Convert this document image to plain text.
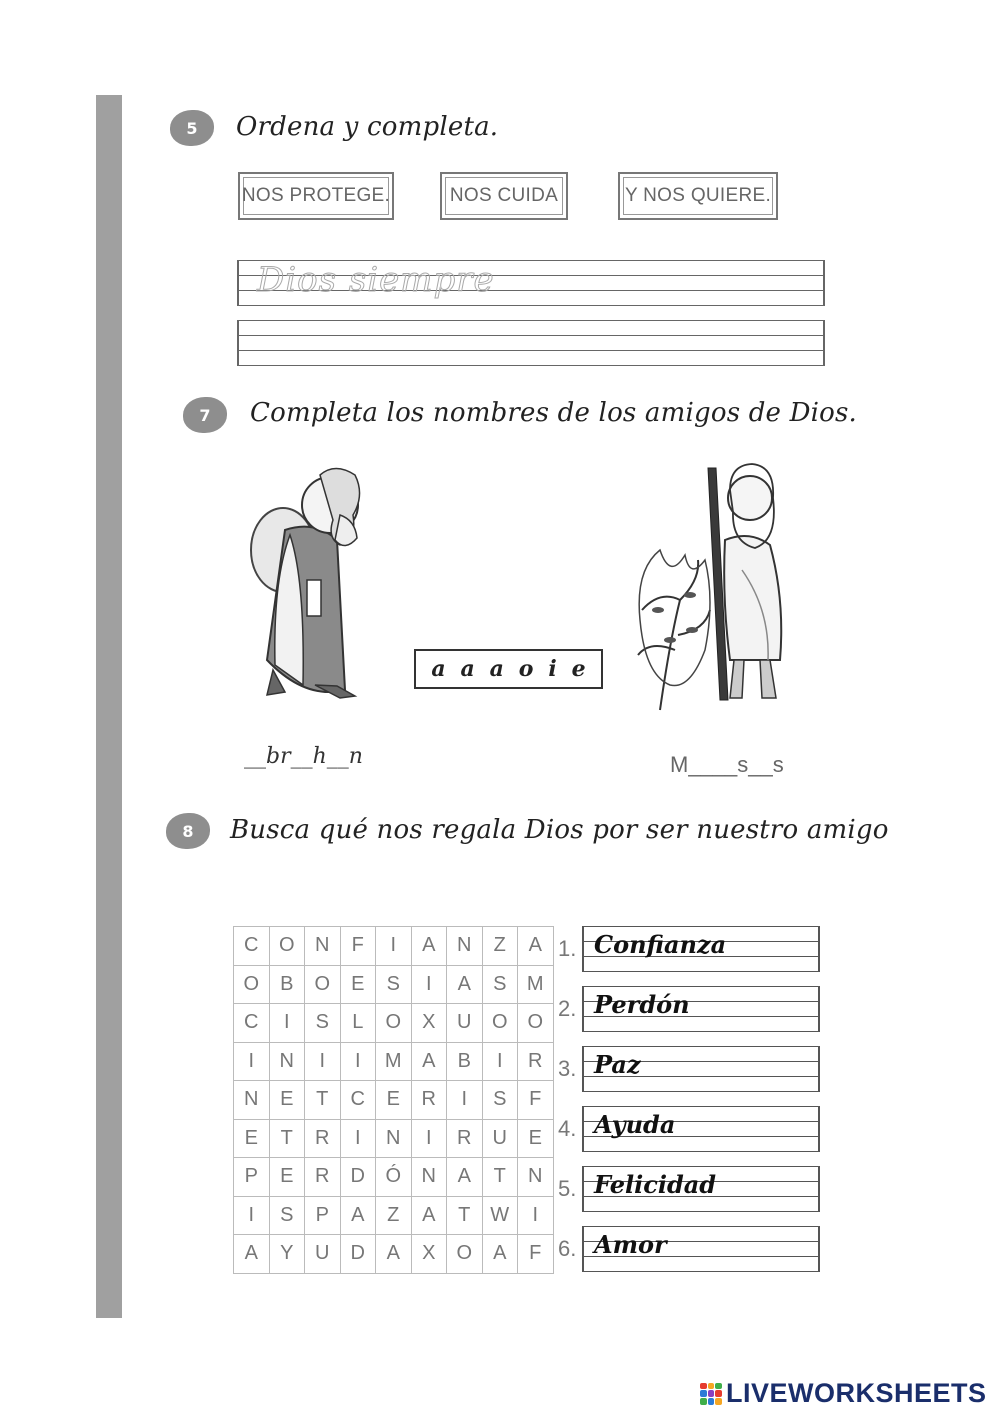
5	Ordena y completa.
NOS PROTEGE.	NOS CUIDA	Y NOS QUIERE.
Dios siempre
7	Completa los nombres de los amigos de Dios.
a a a o i e
__br__h__n	M____s__s
8	Busca qué nos regala Dios por ser nuestro amigo
C	O	N	F	I	A	N	Z	A
O	B	O	E	S	I	A	S	M
C	I	S	L	O	X	U	O	O
I	N	I	I	M	A	B	I	R
N	E	T	C	E	R	I	S	F
E	T	R	I	N	I	R	U	E
P	E	R	D	Ó	N	A	T	N
I	S	P	A	Z	A	T	W	I
A	Y	U	D	A	X	O	A	F
1. Confianza
2. Perdón
3. Paz
4. Ayuda
5. Felicidad
6. Amor
LIVEWORKSHEETS
